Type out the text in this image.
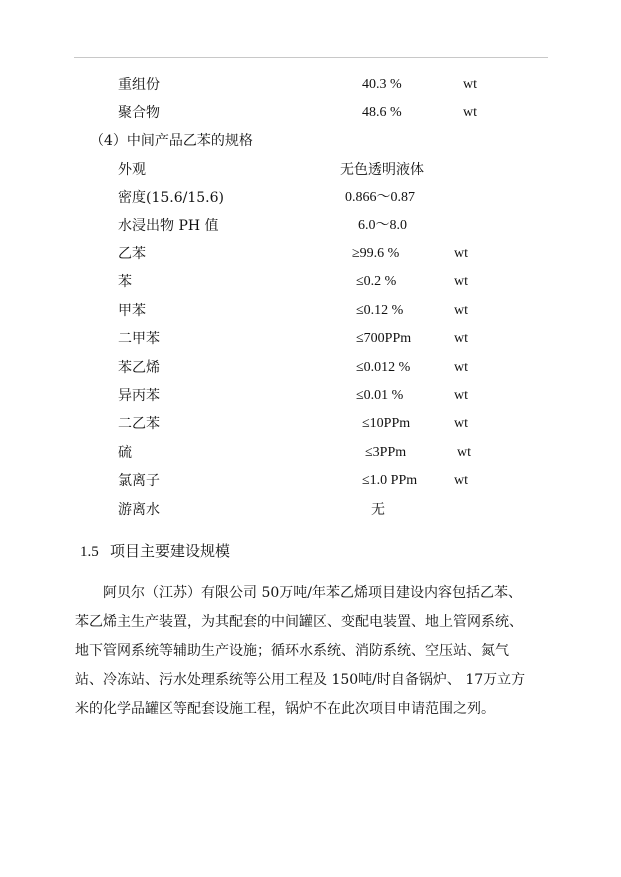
重组份	40.3 %	wt
聚合物	48.6 %	wt
（4）中间产品乙苯的规格
外观	无色透明液体
密度(15.6/15.6)	0.866～0.87
水浸出物 PH 值	6.0～8.0
乙苯	≥99.6 %	wt
苯	≤0.2 %	wt
甲苯	≤0.12 %	wt
二甲苯	≤700PPm	wt
苯乙烯	≤0.012 %	wt
异丙苯	≤0.01 %	wt
二乙苯	≤10PPm	wt
硫	≤3PPm	wt
氯离子	≤1.0 PPm	wt
游离水	无
1.5 项目主要建设规模
阿贝尔（江苏）有限公司 50万吨/年苯乙烯项目建设内容包括乙苯、
苯乙烯主生产装置，为其配套的中间罐区、变配电装置、地上管网系统、
地下管网系统等辅助生产设施；循环水系统、消防系统、空压站、氮气
站、冷冻站、污水处理系统等公用工程及 150吨/时自备锅炉、 17万立方
米的化学品罐区等配套设施工程，锅炉不在此次项目申请范围之列。
